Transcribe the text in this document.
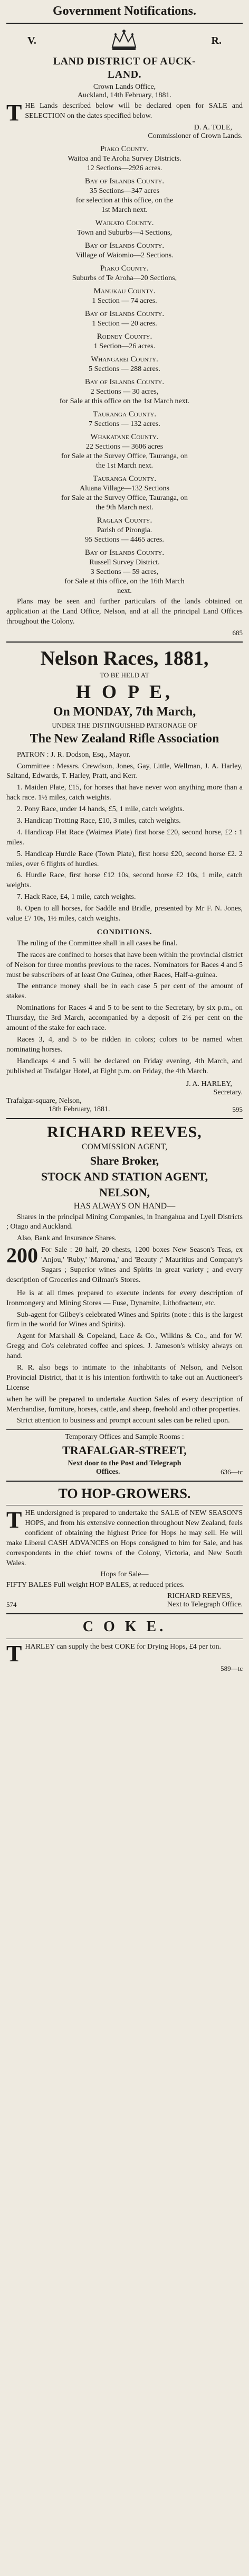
Government Notifications.
V.	R.
LAND DISTRICT OF AUCK-
LAND.
Crown Lands Office,
Auckland, 14th February, 1881.

T HE Lands described below will be declared open for SALE and SELECTION on the dates specified below.

D. A. TOLE,
Commissioner of Crown Lands.
Piako County.
Waitoa and Te Aroha Survey Districts.
12 Sections—2926 acres.
Bay of Islands County.
35 Sections—347 acres
for selection at this office, on the
1st March next.
Waikato County.
Town and Suburbs—4 Sections,
Bay of Islands County.
Village of Waiomio—2 Sections.
Piako County.
Suburbs of Te Aroha—20 Sections,
Manukau County.
1 Section — 74 acres.
Bay of Islands County.
1 Section — 20 acres.
Rodney County.
1 Section—26 acres.
Whangarei County.
5 Sections — 288 acres.
Bay of Islands County.
2 Sections — 30 acres,
for Sale at this office on the 1st March next.
Tauranga County.
7 Sections — 132 acres.
Whakatane County.
22 Sections — 3606 acres
for Sale at the Survey Office, Tauranga, on
the 1st March next.
Tauranga County.
Aluana Village—132 Sections
for Sale at the Survey Office, Tauranga, on
the 9th March next.
Raglan County.
Parish of Pirongia.
95 Sections — 4465 acres.
Bay of Islands County.
Russell Survey District.
3 Sections — 59 acres,
for Sale at this office, on the 16th March
next.

Plans may be seen and further particulars of the lands obtained on application at the Land Office, Nelson, and at all the principal Land Offices throughout the Colony.

685
Nelson Races, 1881,
TO BE HELD AT
H O P E,
On MONDAY, 7th March,
UNDER THE DISTINGUISHED PATRONAGE OF
The New Zealand Rifle Association

PATRON : J. R. Dodson, Esq., Mayor.

Committee : Messrs. Crewdson, Jones, Gay, Little, Wellman, J. A. Harley, Saltand, Edwards, T. Harley, Pratt, and Kerr.

1. Maiden Plate, £15, for horses that have never won anything more than a hack race. 1½ miles, catch weights.

2. Pony Race, under 14 hands, £5, 1 mile, catch weights.

3. Handicap Trotting Race, £10, 3 miles, catch weights.

4. Handicap Flat Race (Waimea Plate) first horse £20, second horse, £2 : 1 miles.

5. Handicap Hurdle Race (Town Plate), first horse £20, second horse £2. 2 miles, over 6 flights of hurdles.

6. Hurdle Race, first horse £12 10s, second horse £2 10s, 1 mile, catch weights.

7. Hack Race, £4, 1 mile, catch weights.

8. Open to all horses, for Saddle and Bridle, presented by Mr F. N. Jones, value £7 10s, 1½ miles, catch weights.

CONDITIONS.

The ruling of the Committee shall in all cases be final.

The races are confined to horses that have been within the provincial district of Nelson for three months previous to the races. Nominators for Races 4 and 5 must be subscribers of at least One Guinea, other Races, Half-a-guinea.

The entrance money shall be in each case 5 per cent of the amount of stakes.

Nominations for Races 4 and 5 to be sent to the Secretary, by six p.m., on Thursday, the 3rd March, accompanied by a deposit of 2½ per cent on the amount of the stake for each race.

Races 3, 4, and 5 to be ridden in colors; colors to be named when nominating horses.

Handicaps 4 and 5 will be declared on Friday evening, 4th March, and published at Trafalgar Hotel, at Eight p.m. on Friday, the 4th March.

J. A. HARLEY,
Secretary.
Trafalgar-square, Nelson,
18th February, 1881.	595
RICHARD REEVES,
COMMISSION AGENT,
Share Broker,
STOCK AND STATION AGENT,
NELSON,
HAS ALWAYS ON HAND—

Shares in the principal Mining Companies, in Inangahua and Lyell Districts ; Otago and Auckland.

Also, Bank and Insurance Shares.

200 For Sale : 20 half, 20 chests, 1200 boxes New Season's Teas, ex 'Anjou,' 'Ruby,' 'Maroma,' and 'Beauty ;' Mauritius and Company's Sugars ; Superior wines and Spirits in great variety ; and every description of Groceries and Oilman's Stores.

He is at all times prepared to execute indents for every description of Ironmongery and Mining Stores — Fuse, Dynamite, Lithofracteur, etc.

Sub-agent for Gilbey's celebrated Wines and Spirits (note : this is the largest firm in the world for Wines and Spirits).

Agent for Marshall & Copeland, Lace & Co., Wilkins & Co., and for W. Gregg and Co's celebrated coffee and spices. J. Jameson's whisky always on hand.

R. R. also begs to intimate to the inhabitants of Nelson, and Nelson Provincial District, that it is his intention forthwith to take out an Auctioneer's License

when he will be prepared to undertake Auction Sales of every description of Merchandise, furniture, horses, cattle, and sheep, freehold and other properties.

Strict attention to business and prompt account sales can be relied upon.

Temporary Offices and Sample Rooms :
TRAFALGAR-STREET,
Next door to the Post and Telegraph
Offices.	636—tc
TO HOP-GROWERS.

T HE undersigned is prepared to undertake the SALE of NEW SEASON'S HOPS, and from his extensive connection throughout New Zealand, feels confident of obtaining the highest Price for Hops he may sell. He will make Liberal CASH ADVANCES on Hops consigned to him for Sale, and has correspondents in the chief towns of the Colony, Victoria, and New South Wales.

Hops for Sale—

FIFTY BALES Full weight HOP BALES, at reduced prices.

RICHARD REEVES,
574	Next to Telegraph Office.
C O K E.

T HARLEY can supply the best COKE for Drying Hops, £4 per ton.

589—tc
